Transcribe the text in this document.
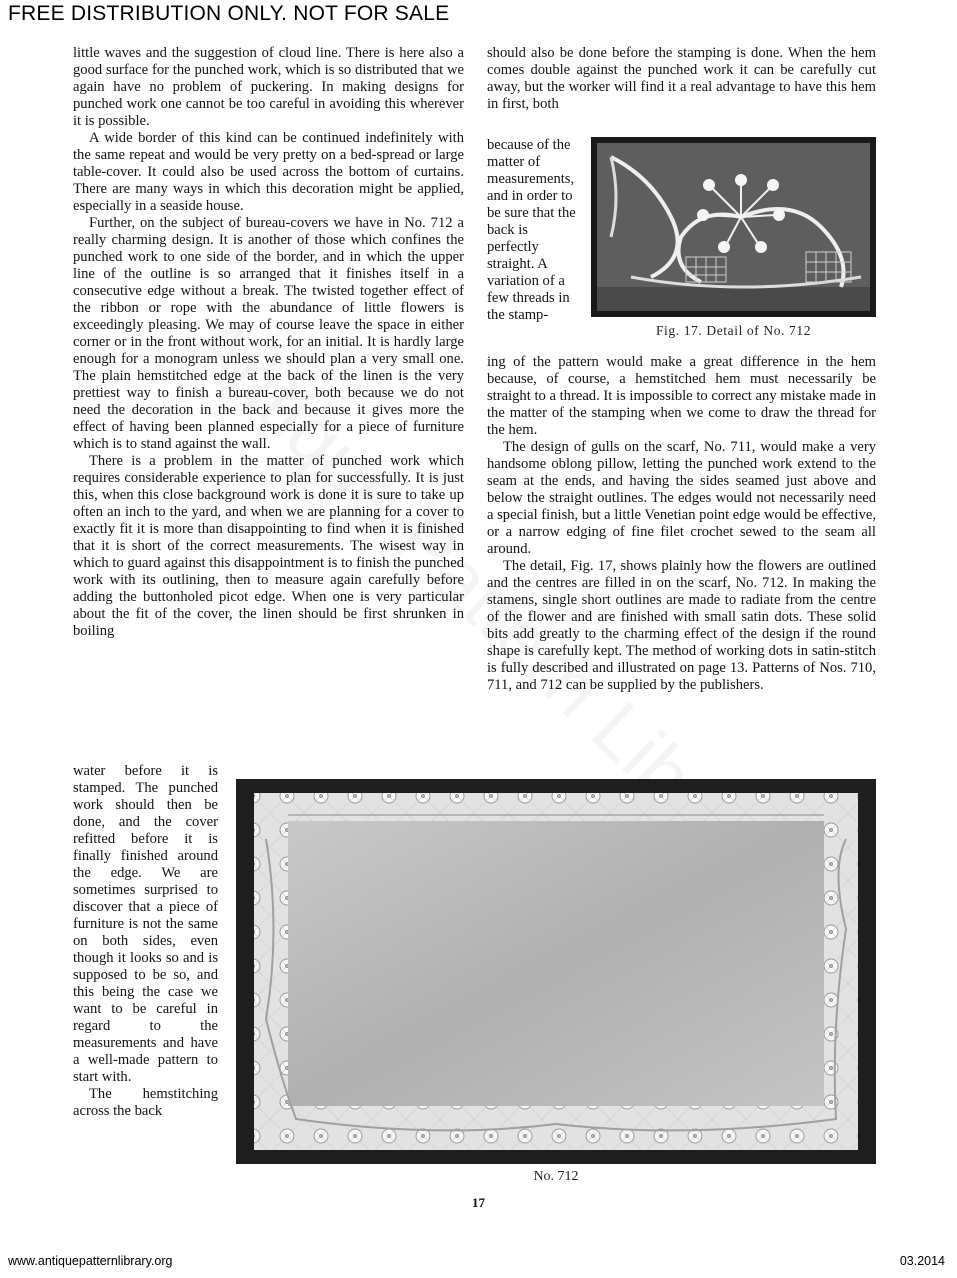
FREE DISTRIBUTION ONLY. NOT FOR SALE

little waves and the suggestion of cloud line. There is here also a good surface for the punched work, which is so distributed that we again have no problem of puckering. In making designs for punched work one cannot be too careful in avoiding this wherever it is possible.

A wide border of this kind can be continued indefinitely with the same repeat and would be very pretty on a bed-spread or large table-cover. It could also be used across the bottom of curtains. There are many ways in which this decoration might be applied, especially in a seaside house.

Further, on the subject of bureau-covers we have in No. 712 a really charming design. It is another of those which confines the punched work to one side of the border, and in which the upper line of the outline is so arranged that it finishes itself in a consecutive edge without a break. The twisted together effect of the ribbon or rope with the abundance of little flowers is exceedingly pleasing. We may of course leave the space in either corner or in the front without work, for an initial. It is hardly large enough for a monogram unless we should plan a very small one. The plain hemstitched edge at the back of the linen is the very prettiest way to finish a bureau-cover, both because we do not need the decoration in the back and because it gives more the effect of having been planned especially for a piece of furniture which is to stand against the wall.

There is a problem in the matter of punched work which requires considerable experience to plan for successfully. It is just this, when this close background work is done it is sure to take up often an inch to the yard, and when we are planning for a cover to exactly fit it is more than disappointing to find when it is finished that it is short of the correct measurements. The wisest way in which to guard against this disappointment is to finish the punched work with its outlining, then to measure again carefully before adding the buttonholed picot edge. When one is very particular about the fit of the cover, the linen should be first shrunken in boiling

water before it is stamped. The punched work should then be done, and the cover refitted before it is finally finished around the edge. We are sometimes surprised to discover that a piece of furniture is not the same on both sides, even though it looks so and is supposed to be so, and this being the case we want to be careful in regard to the measurements and have a well-made pattern to start with.

The hemstitching across the back

should also be done before the stamping is done. When the hem comes double against the punched work it can be carefully cut away, but the worker will find it a real advantage to have this hem in first, both

because of the matter of measurements, and in order to be sure that the back is perfectly straight. A variation of a few threads in the stamp-

ing of the pattern would make a great difference in the hem because, of course, a hemstitched hem must necessarily be straight to a thread. It is impossible to correct any mistake made in the matter of the stamping when we come to draw the thread for the hem.

The design of gulls on the scarf, No. 711, would make a very handsome oblong pillow, letting the punched work extend to the seam at the ends, and having the sides seamed just above and below the straight outlines. The edges would not necessarily need a special finish, but a little Venetian point edge would be effective, or a narrow edging of fine filet crochet sewed to the seam all around.

The detail, Fig. 17, shows plainly how the flowers are outlined and the centres are filled in on the scarf, No. 712. In making the stamens, single short outlines are made to radiate from the centre of the flower and are finished with small satin dots. These solid bits add greatly to the charming effect of the design if the round shape is carefully kept. The method of working dots in satin-stitch is fully described and illustrated on page 13. Patterns of Nos. 710, 711, and 712 can be supplied by the publishers.

Fig. 17. Detail of No. 712
No. 712
17
www.antiquepatternlibrary.org	03.2014
